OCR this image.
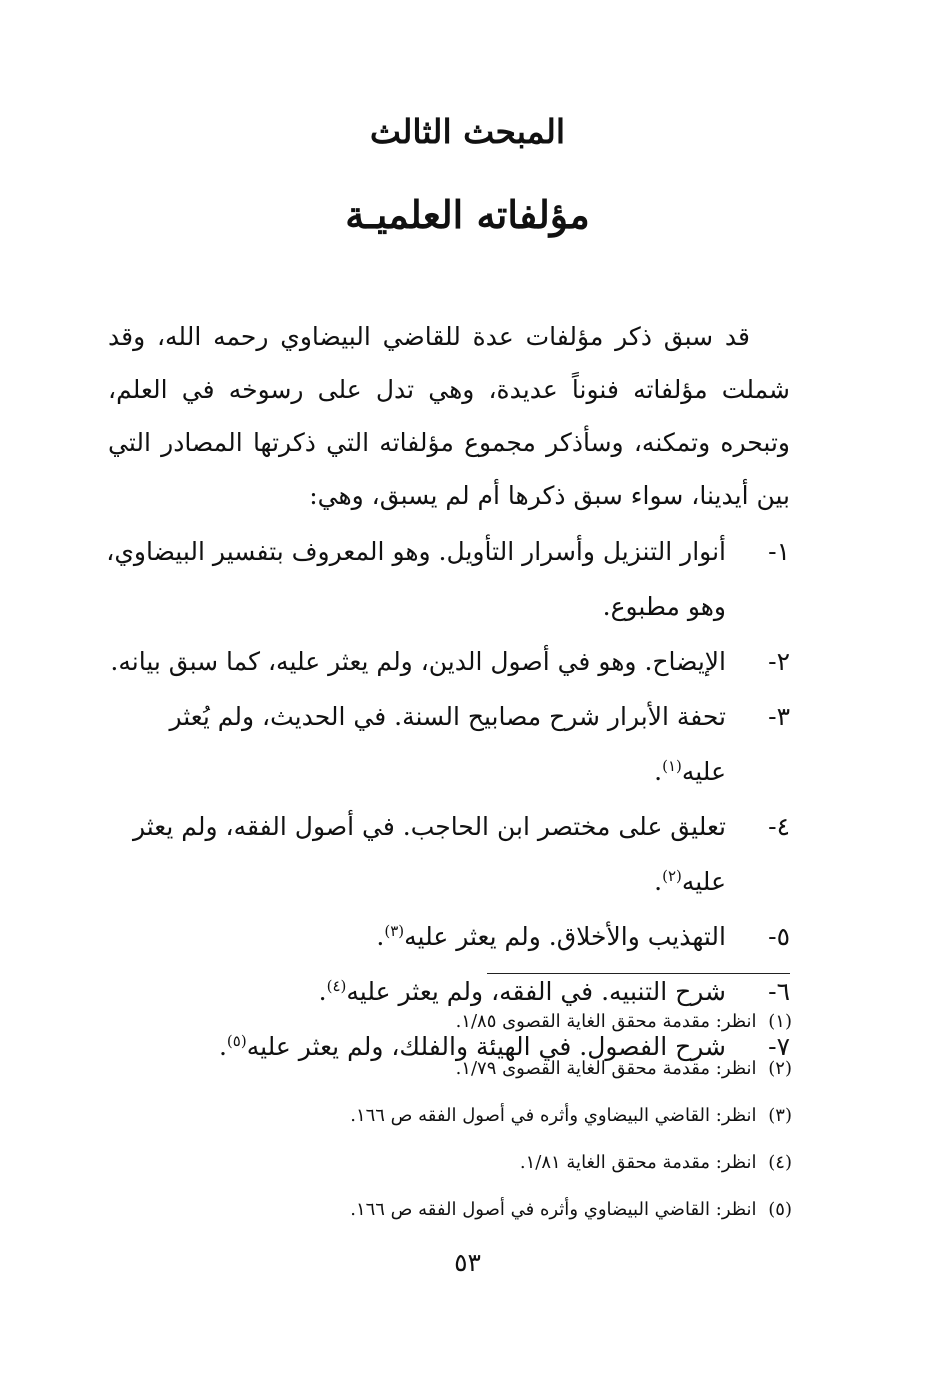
المبحث الثالث
مؤلفاته العلميـة

قد سبق ذكر مؤلفات عدة للقاضي البيضاوي رحمه الله، وقد شملت مؤلفاته فنوناً عديدة، وهي تدل على رسوخه في العلم، وتبحره وتمكنه، وسأذكر مجموع مؤلفاته التي ذكرتها المصادر التي بين أيدينا، سواء سبق ذكرها أم لم يسبق، وهي:

١-
أنوار التنزيل وأسرار التأويل. وهو المعروف بتفسير البيضاوي، وهو مطبوع.
٢-
الإيضاح. وهو في أصول الدين، ولم يعثر عليه، كما سبق بيانه.
٣-
تحفة الأبرار شرح مصابيح السنة. في الحديث، ولم يُعثر عليه$^{(١)}$.
٤-
تعليق على مختصر ابن الحاجب. في أصول الفقه، ولم يعثر عليه$^{(٢)}$.
٥-
التهذيب والأخلاق. ولم يعثر عليه$^{(٣)}$.
٦-
شرح التنبيه. في الفقه، ولم يعثر عليه$^{(٤)}$.
٧-
شرح الفصول. في الهيئة والفلك، ولم يعثر عليه$^{(٥)}$.
(١) انظر: مقدمة محقق الغاية القصوى ١/٨٥.
(٢) انظر: مقدمة محقق الغاية القصوى ١/٧٩.
(٣) انظر: القاضي البيضاوي وأثره في أصول الفقه ص ١٦٦.
(٤) انظر: مقدمة محقق الغاية ١/٨١.
(٥) انظر: القاضي البيضاوي وأثره في أصول الفقه ص ١٦٦.
٥٣
